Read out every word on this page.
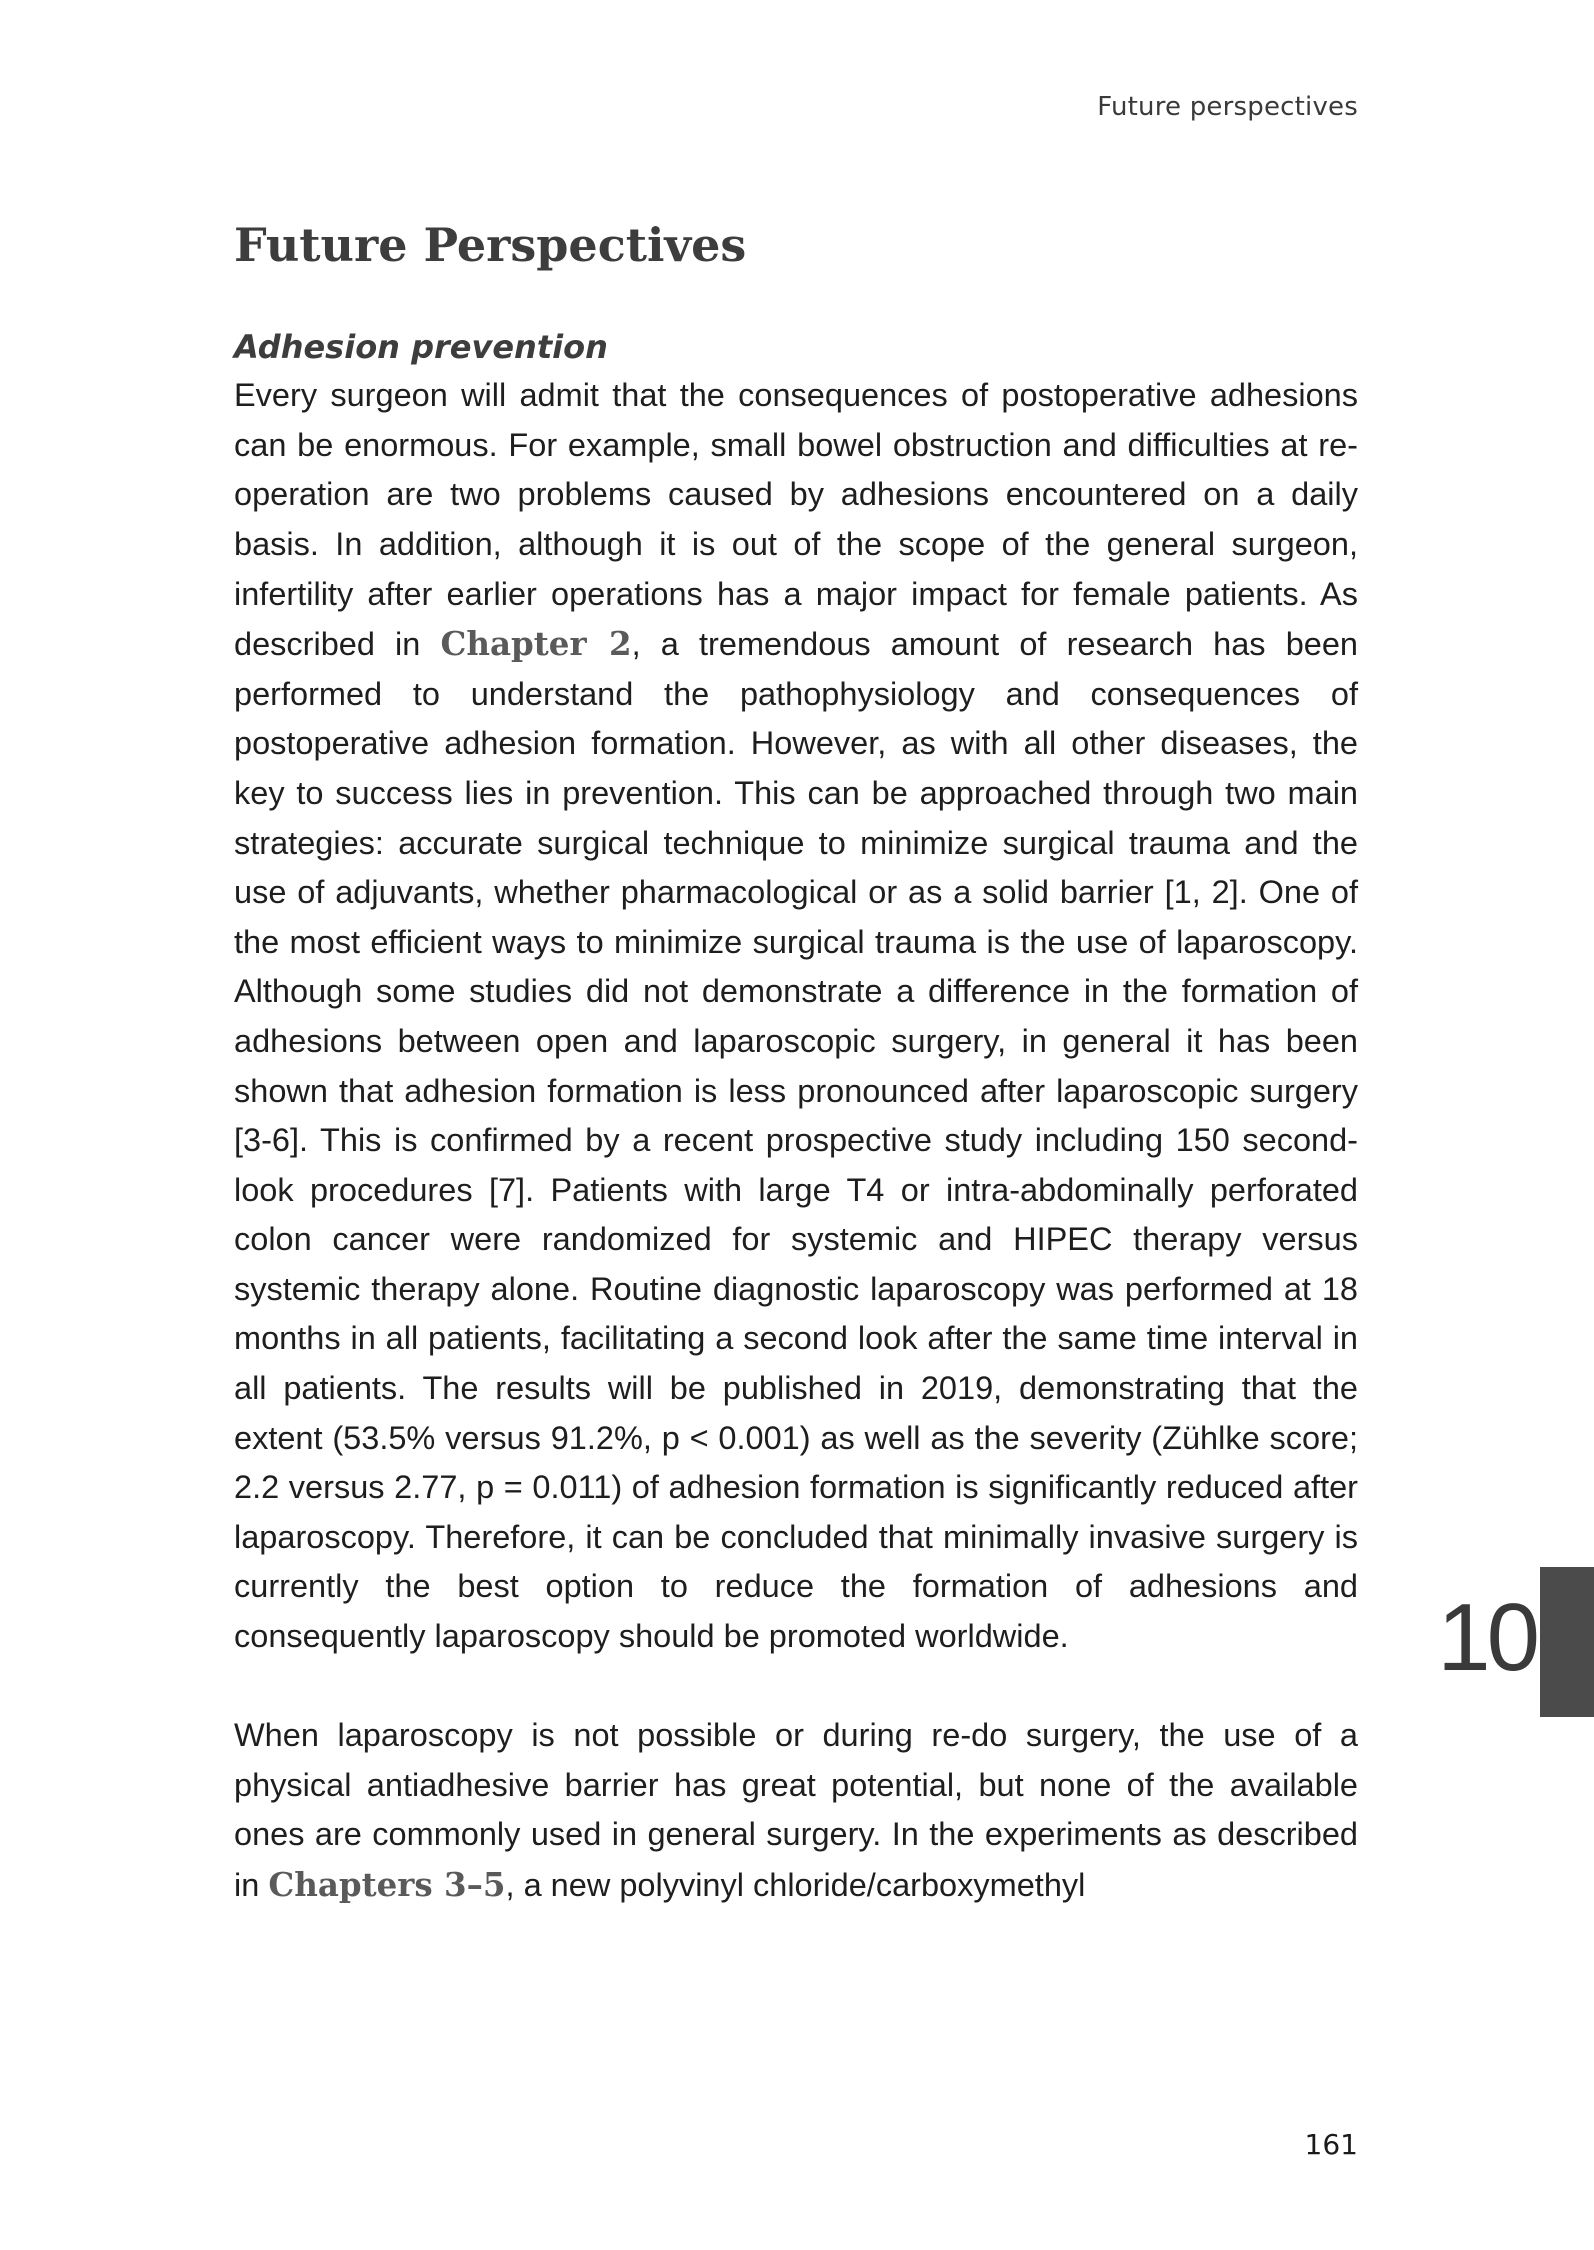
Future perspectives
Future Perspectives
Adhesion prevention

Every surgeon will admit that the consequences of postoperative adhesions can be enormous. For example, small bowel obstruction and difficulties at re-operation are two problems caused by adhesions encountered on a daily basis. In addition, although it is out of the scope of the general surgeon, infertility after earlier operations has a major impact for female patients. As described in Chapter 2, a tremendous amount of research has been performed to understand the pathophysiology and consequences of postoperative adhesion formation. However, as with all other diseases, the key to success lies in prevention. This can be approached through two main strategies: accurate surgical technique to minimize surgical trauma and the use of adjuvants, whether pharmacological or as a solid barrier [1, 2]. One of the most efficient ways to minimize surgical trauma is the use of laparoscopy. Although some studies did not demonstrate a difference in the formation of adhesions between open and laparoscopic surgery, in general it has been shown that adhesion formation is less pronounced after laparoscopic surgery [3-6]. This is confirmed by a recent prospective study including 150 second-look procedures [7]. Patients with large T4 or intra-abdominally perforated colon cancer were randomized for systemic and HIPEC therapy versus systemic therapy alone. Routine diagnostic laparoscopy was performed at 18 months in all patients, facilitating a second look after the same time interval in all patients. The results will be published in 2019, demonstrating that the extent (53.5% versus 91.2%, p < 0.001) as well as the severity (Zühlke score; 2.2 versus 2.77, p = 0.011) of adhesion formation is significantly reduced after laparoscopy. Therefore, it can be concluded that minimally invasive surgery is currently the best option to reduce the formation of adhesions and consequently laparoscopy should be promoted worldwide.

When laparoscopy is not possible or during re-do surgery, the use of a physical antiadhesive barrier has great potential, but none of the available ones are commonly used in general surgery. In the experiments as described in Chapters 3–5, a new polyvinyl chloride/carboxymethyl

10
161
